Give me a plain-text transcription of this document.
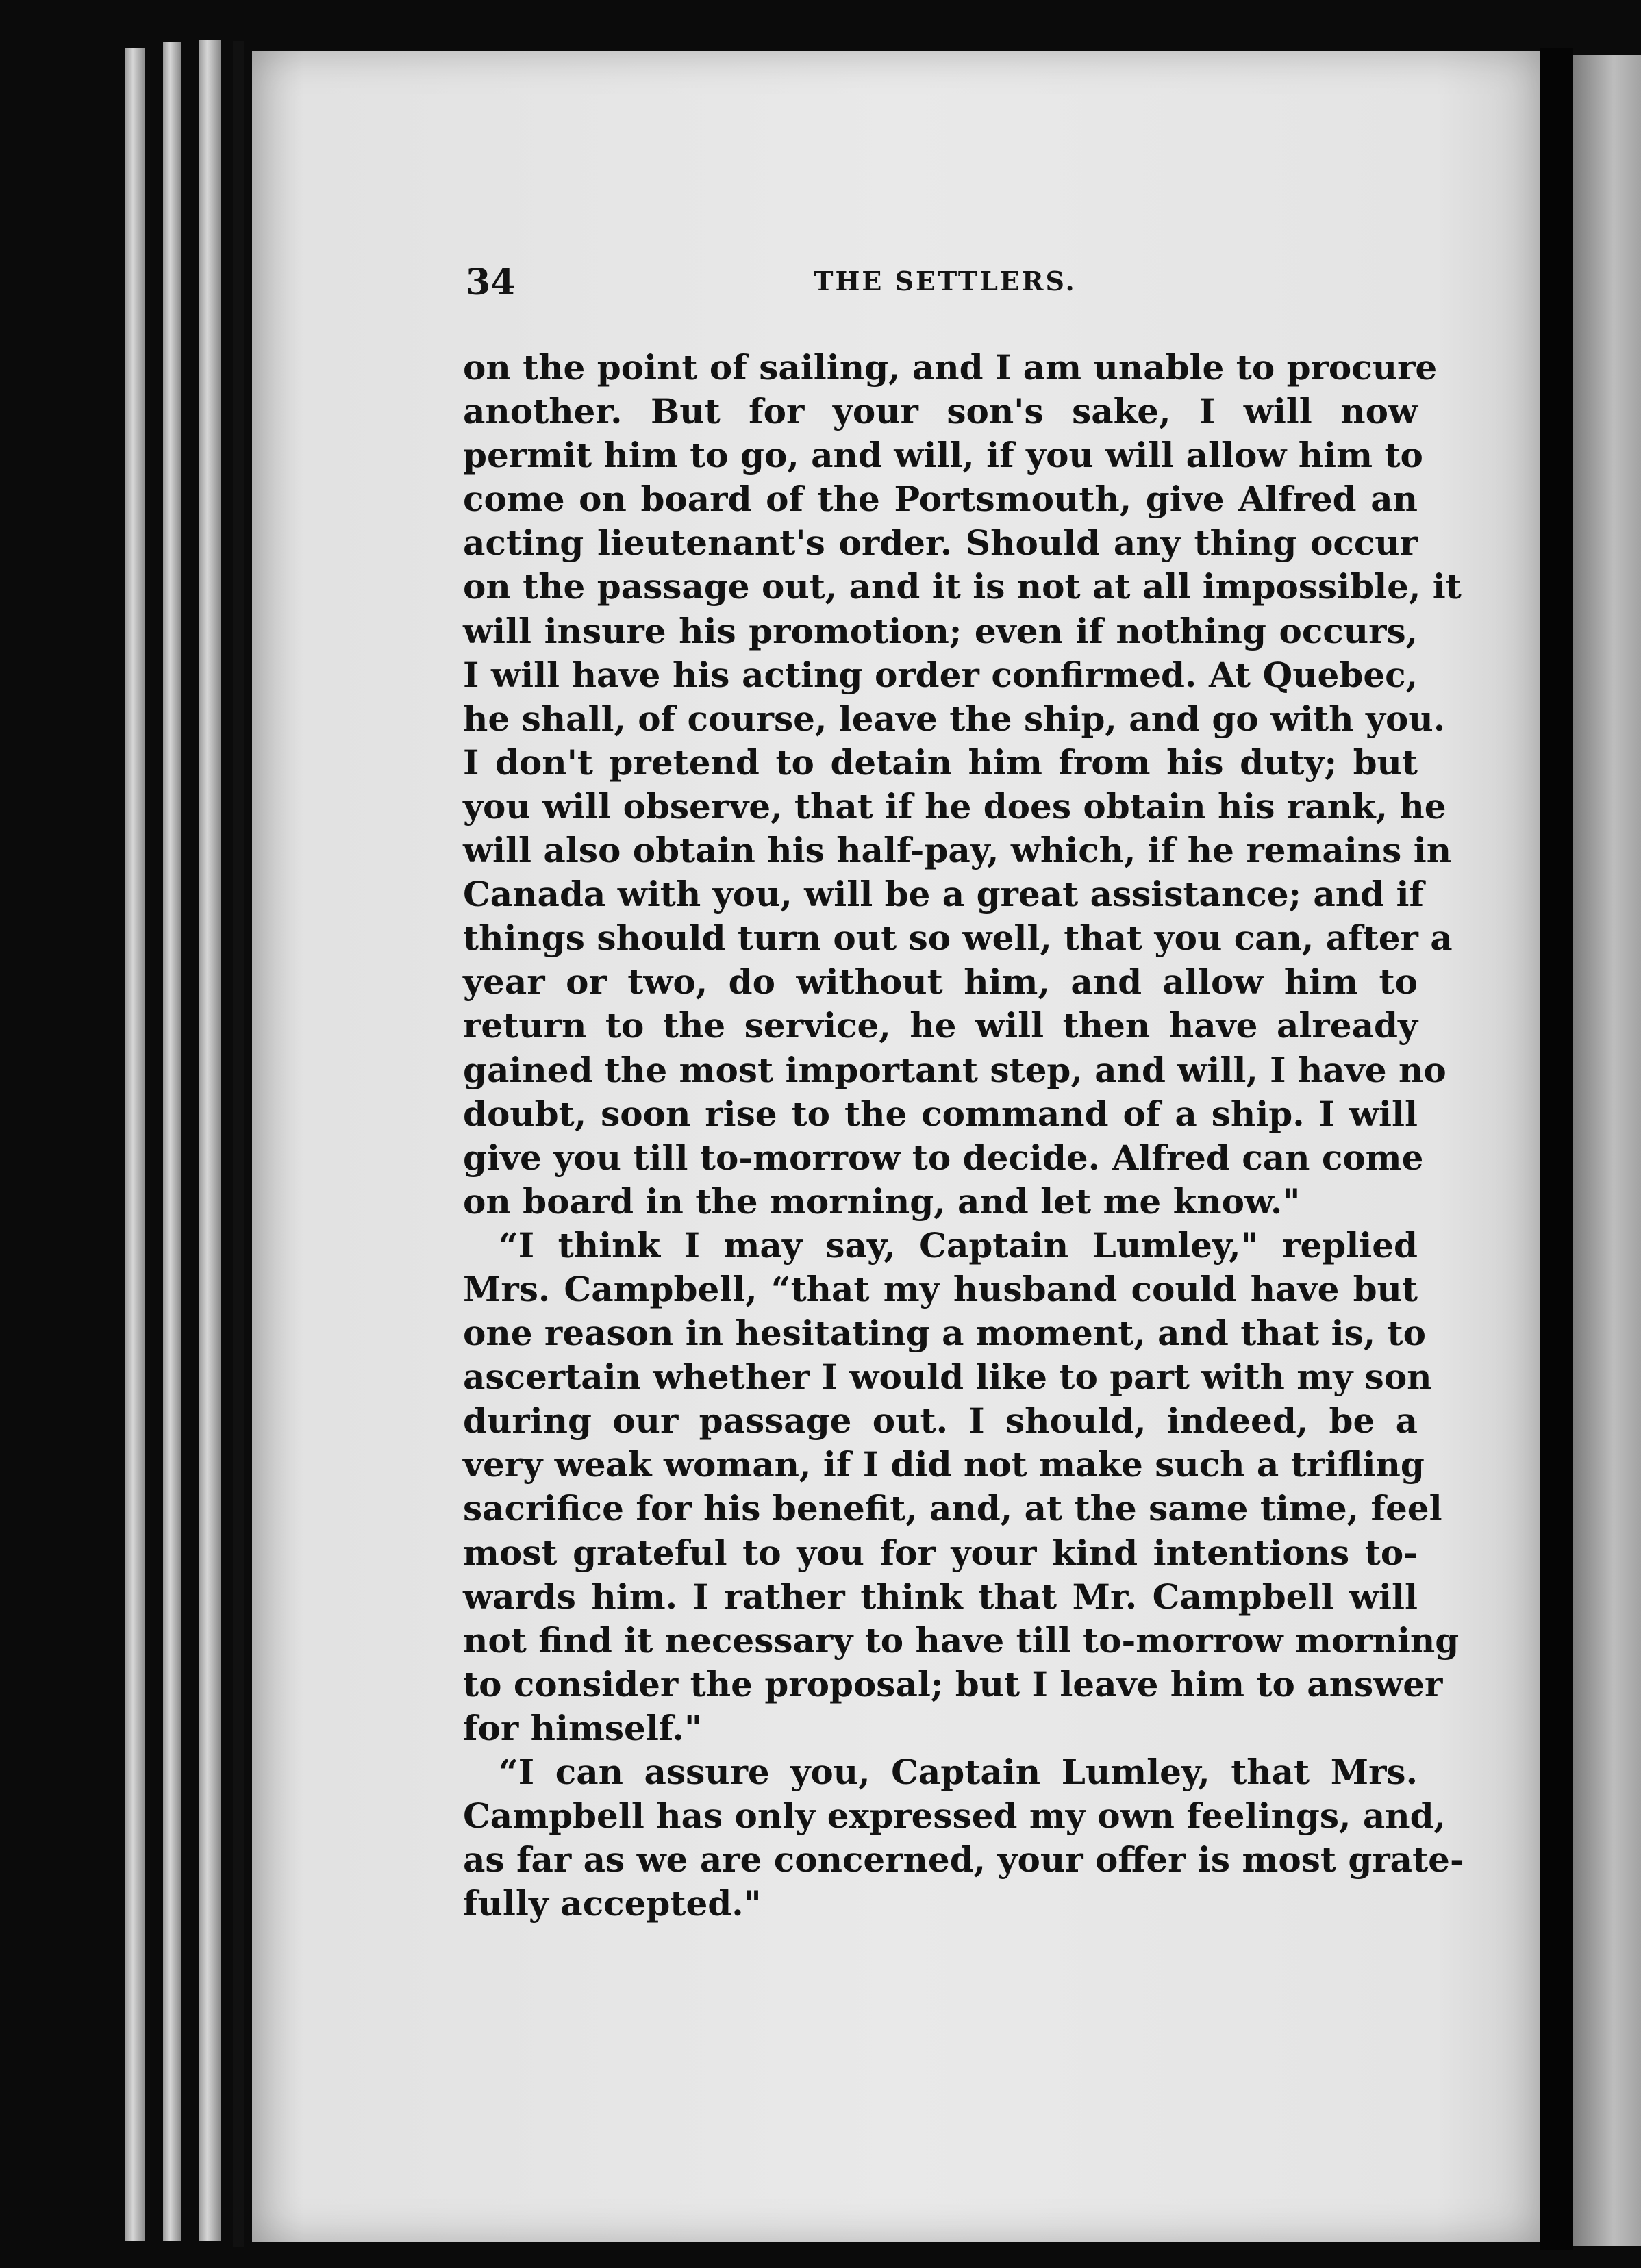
34	THE SETTLERS.
on the point of sailing, and I am unable to procure
another. But for your son's sake, I will now
permit him to go, and will, if you will allow him to
come on board of the Portsmouth, give Alfred an
acting lieutenant's order. Should any thing occur
on the passage out, and it is not at all impossible, it
will insure his promotion; even if nothing occurs,
I will have his acting order confirmed. At Quebec,
he shall, of course, leave the ship, and go with you.
I don't pretend to detain him from his duty; but
you will observe, that if he does obtain his rank, he
will also obtain his half-pay, which, if he remains in
Canada with you, will be a great assistance; and if
things should turn out so well, that you can, after a
year or two, do without him, and allow him to
return to the service, he will then have already
gained the most important step, and will, I have no
doubt, soon rise to the command of a ship. I will
give you till to-morrow to decide. Alfred can come
on board in the morning, and let me know."
“I think I may say, Captain Lumley," replied
Mrs. Campbell, “that my husband could have but
one reason in hesitating a moment, and that is, to
ascertain whether I would like to part with my son
during our passage out. I should, indeed, be a
very weak woman, if I did not make such a trifling
sacrifice for his benefit, and, at the same time, feel
most grateful to you for your kind intentions to-
wards him. I rather think that Mr. Campbell will
not find it necessary to have till to-morrow morning
to consider the proposal; but I leave him to answer
for himself."
“I can assure you, Captain Lumley, that Mrs.
Campbell has only expressed my own feelings, and,
as far as we are concerned, your offer is most grate-
fully accepted."
